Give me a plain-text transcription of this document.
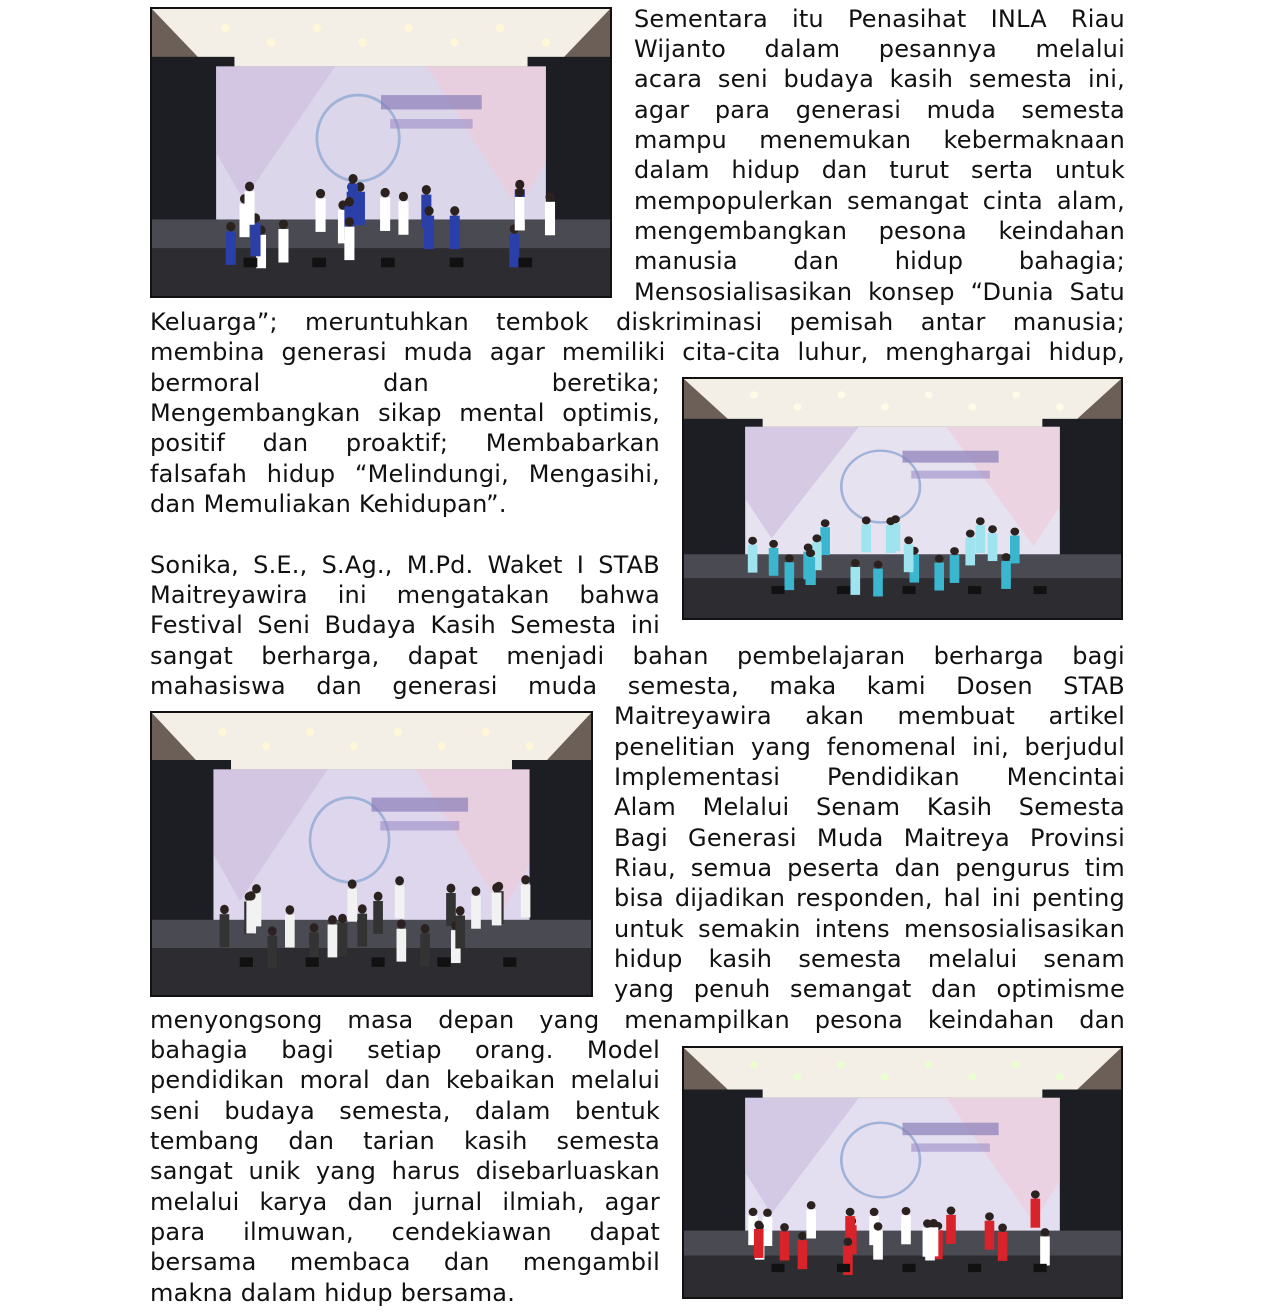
Sementara itu Penasihat INLA Riau
Wijanto dalam pesannya melalui
acara seni budaya kasih semesta ini,
agar para generasi muda semesta
mampu menemukan kebermaknaan
dalam hidup dan turut serta untuk
mempopulerkan semangat cinta alam,
mengembangkan pesona keindahan
manusia dan hidup bahagia;
Mensosialisasikan konsep “Dunia Satu
Keluarga”; meruntuhkan tembok diskriminasi pemisah antar manusia;
membina generasi muda agar memiliki cita-cita luhur, menghargai hidup,
bermoral	dan	beretika;
Mengembangkan sikap mental optimis,
positif dan proaktif; Membabarkan
falsafah hidup “Melindungi, Mengasihi,
dan Memuliakan Kehidupan”.
Sonika, S.E., S.Ag., M.Pd. Waket I STAB
Maitreyawira ini mengatakan bahwa
Festival Seni Budaya Kasih Semesta ini
sangat berharga, dapat menjadi bahan pembelajaran berharga bagi
mahasiswa dan generasi muda semesta, maka kami Dosen STAB
Maitreyawira akan membuat artikel
penelitian yang fenomenal ini, berjudul
Implementasi Pendidikan Mencintai
Alam Melalui Senam Kasih Semesta
Bagi Generasi Muda Maitreya Provinsi
Riau, semua peserta dan pengurus tim
bisa dijadikan responden, hal ini penting
untuk semakin intens mensosialisasikan
hidup kasih semesta melalui senam
yang penuh semangat dan optimisme
menyongsong masa depan yang menampilkan pesona keindahan dan
bahagia bagi setiap orang. Model
pendidikan moral dan kebaikan melalui
seni budaya semesta, dalam bentuk
tembang dan tarian kasih semesta
sangat unik yang harus disebarluaskan
melalui karya dan jurnal ilmiah, agar
para ilmuwan, cendekiawan dapat
bersama membaca dan mengambil
makna dalam hidup bersama.
